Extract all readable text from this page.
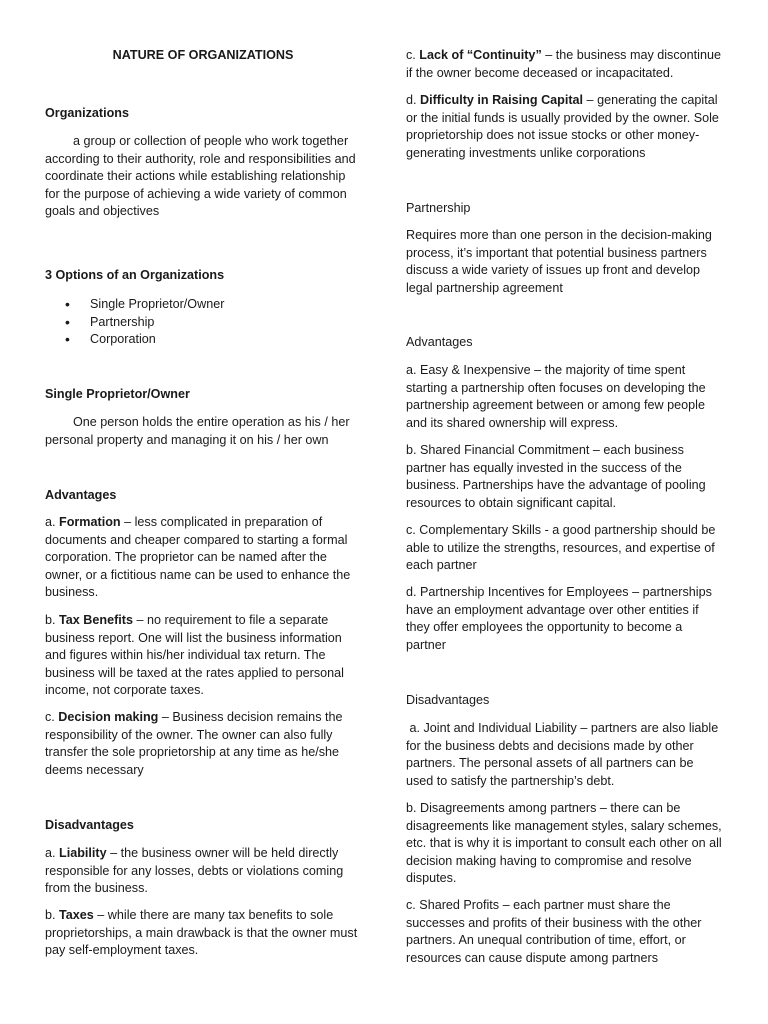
NATURE OF ORGANIZATIONS

Organizations

a group or collection of people who work together according to their authority, role and responsibilities and coordinate their actions while establishing relationship for the purpose of achieving a wide variety of common goals and objectives

3 Options of an Organizations

• Single Proprietor/Owner
• Partnership
• Corporation

Single Proprietor/Owner

One person holds the entire operation as his / her personal property and managing it on his / her own

Advantages

a. Formation – less complicated in preparation of documents and cheaper compared to starting a formal corporation. The proprietor can be named after the owner, or a fictitious name can be used to enhance the business.

b. Tax Benefits – no requirement to file a separate business report. One will list the business information and figures within his/her individual tax return. The business will be taxed at the rates applied to personal income, not corporate taxes.

c. Decision making – Business decision remains the responsibility of the owner. The owner can also fully transfer the sole proprietorship at any time as he/she deems necessary

Disadvantages

a. Liability – the business owner will be held directly responsible for any losses, debts or violations coming from the business.

b. Taxes – while there are many tax benefits to sole proprietorships, a main drawback is that the owner must pay self-employment taxes.

c. Lack of “Continuity” – the business may discontinue if the owner become deceased or incapacitated.

d. Difficulty in Raising Capital – generating the capital or the initial funds is usually provided by the owner. Sole proprietorship does not issue stocks or other money-generating investments unlike corporations

Partnership

Requires more than one person in the decision-making process, it’s important that potential business partners discuss a wide variety of issues up front and develop legal partnership agreement

Advantages

a. Easy & Inexpensive – the majority of time spent starting a partnership often focuses on developing the partnership agreement between or among few people and its shared ownership will express.

b. Shared Financial Commitment – each business partner has equally invested in the success of the business. Partnerships have the advantage of pooling resources to obtain significant capital.

c. Complementary Skills - a good partnership should be able to utilize the strengths, resources, and expertise of each partner

d. Partnership Incentives for Employees – partnerships have an employment advantage over other entities if they offer employees the opportunity to become a partner

Disadvantages

a. Joint and Individual Liability – partners are also liable for the business debts and decisions made by other partners. The personal assets of all partners can be used to satisfy the partnership’s debt.

b. Disagreements among partners – there can be disagreements like management styles, salary schemes, etc. that is why it is important to consult each other on all decision making having to compromise and resolve disputes.

c. Shared Profits – each partner must share the successes and profits of their business with the other partners. An unequal contribution of time, effort, or resources can cause dispute among partners
